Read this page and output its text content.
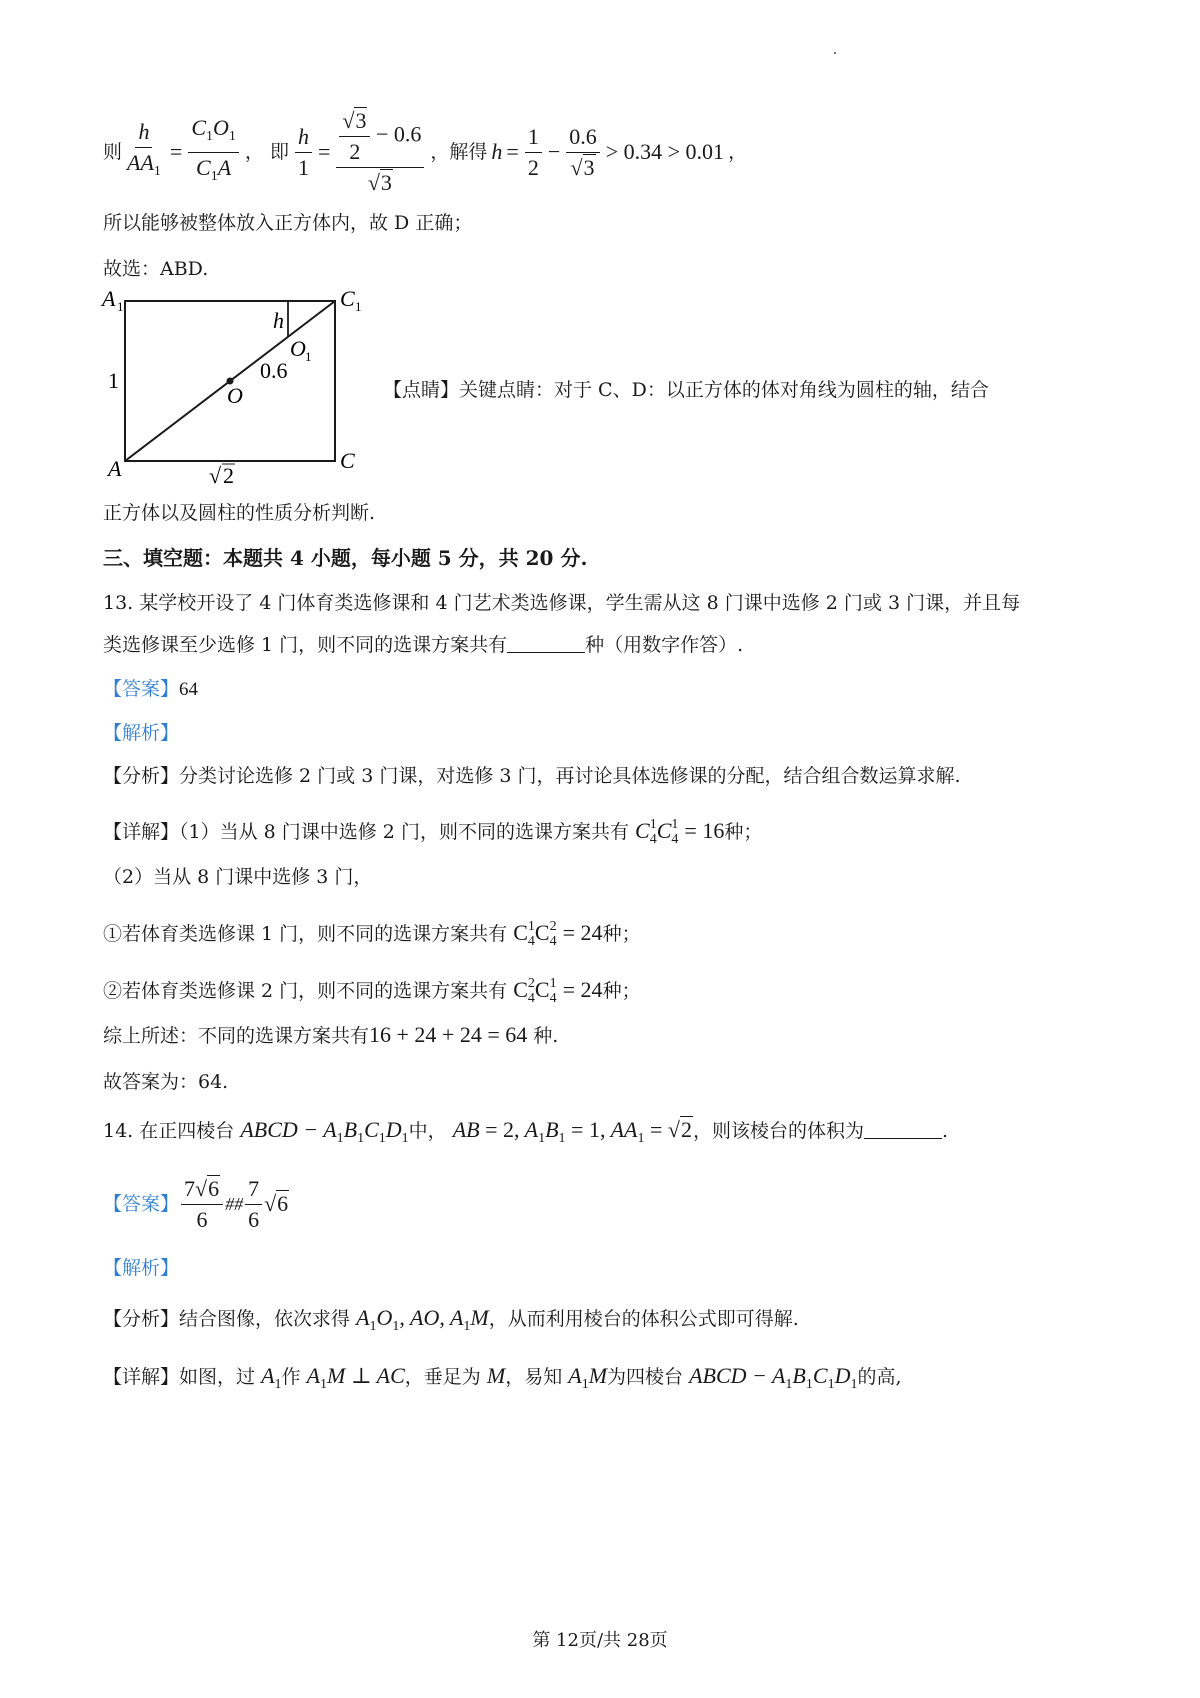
则 $\frac{h}{AA_1} = \frac{C_1O_1}{C_1A}$ ， 即 $\frac{h}{1} = \frac{\frac{√3}{2} - 0.6}{√3}$ ，解得 $h = \frac{1}{2} - \frac{0.6}{√3} > 0.34 > 0.01$ ，
所以能够被整体放入正方体内，故 D 正确；
故选：ABD.
A 1	C 1
h
O 1
0.6
1
O
A	C
√ 2
【点睛】关键点睛：对于 C、D：以正方体的体对角线为圆柱的轴，结合
正方体以及圆柱的性质分析判断.
三、填空题：本题共 4 小题，每小题 5 分，共 20 分.
13. 某学校开设了 4 门体育类选修课和 4 门艺术类选修课，学生需从这 8 门课中选修 2 门或 3 门课，并且每
类选修课至少选修 1 门，则不同的选课方案共有	种（用数字作答）.
【答案】64
【解析】
【分析】分类讨论选修 2 门或 3 门课，对选修 3 门，再讨论具体选修课的分配，结合组合数运算求解.
【详解】（1）当从 8 门课中选修 2 门，则不同的选课方案共有 $C_4^1C_4^1 = 16$种；
（2）当从 8 门课中选修 3 门，
①若体育类选修课 1 门，则不同的选课方案共有 $C_4^1C_4^2 = 24$种；
②若体育类选修课 2 门，则不同的选课方案共有 $C_4^2C_4^1 = 24$种；
综上所述：不同的选课方案共有16 + 24 + 24 = 64 种.
故答案为：64.
14. 在正四棱台 ABCD − $A_1B_1C_1D_1$中， AB = 2, $A_1B_1 = 1$, $AA_1 = √2$，则该棱台的体积为	.
【答案】 $\frac{7√6}{6}$ ## $\frac{7}{6} √6$
【解析】
【分析】结合图像，依次求得 $A_1O_1$, AO, $A_1M$，从而利用棱台的体积公式即可得解.
【详解】如图，过 $A_1$作 $A_1M$ ⊥ AC，垂足为 M，易知 $A_1M$为四棱台 ABCD − $A_1B_1C_1D_1$的高,
第 12页/共 28页
